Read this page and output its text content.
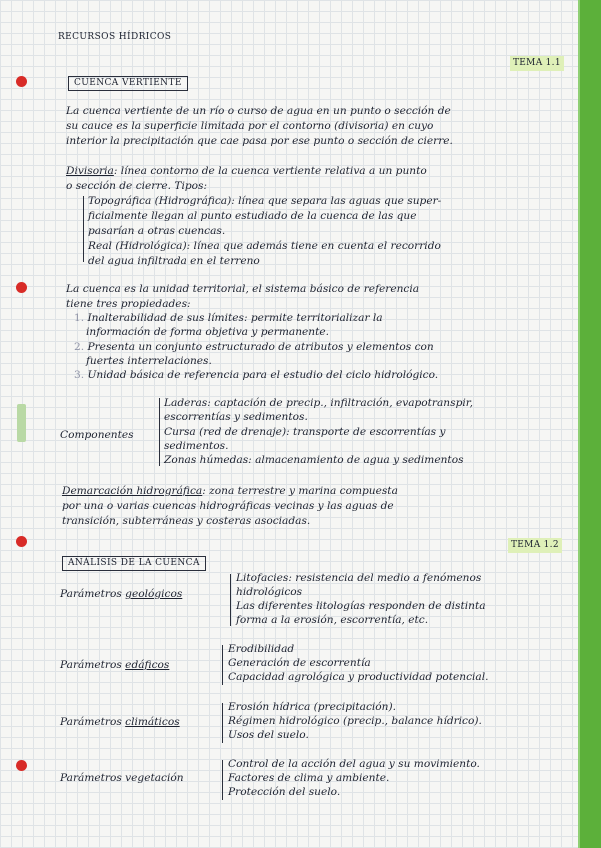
RECURSOS HÍDRICOS
TEMA 1.1
CUENCA VERTIENTE
La cuenca vertiente de un río o curso de agua en un punto o sección de
su cauce es la superficie limitada por el contorno (divisoria) en cuyo
interior la precipitación que cae pasa por ese punto o sección de cierre.
Divisoria: línea contorno de la cuenca vertiente relativa a un punto
o sección de cierre. Tipos:
Topográfica (Hidrográfica): línea que separa las aguas que super-
ficialmente llegan al punto estudiado de la cuenca de las que
pasarían a otras cuencas.
Real (Hidrológica): línea que además tiene en cuenta el recorrido
del agua infiltrada en el terreno
La cuenca es la unidad territorial, el sistema básico de referencia
tiene tres propiedades:
1. Inalterabilidad de sus límites: permite territorializar la
información de forma objetiva y permanente.
2. Presenta un conjunto estructurado de atributos y elementos con
fuertes interrelaciones.
3. Unidad básica de referencia para el estudio del ciclo hidrológico.
Componentes
Laderas: captación de precip., infiltración, evapotranspir,
escorrentías y sedimentos.
Cursa (red de drenaje): transporte de escorrentías y
sedimentos.
Zonas húmedas: almacenamiento de agua y sedimentos
Demarcación hidrográfica: zona terrestre y marina compuesta
por una o varias cuencas hidrográficas vecinas y las aguas de
transición, subterráneas y costeras asociadas.
TEMA 1.2
ANÁLISIS DE LA CUENCA
Parámetros geológicos
Litofacies: resistencia del medio a fenómenos
hidrológicos
Las diferentes litologías responden de distinta
forma a la erosión, escorrentía, etc.
Parámetros edáficos
Erodibilidad
Generación de escorrentía
Capacidad agrológica y productividad potencial.
Parámetros climáticos
Erosión hídrica (precipitación).
Régimen hidrológico (precip., balance hídrico).
Usos del suelo.
Parámetros vegetación
Control de la acción del agua y su movimiento.
Factores de clima y ambiente.
Protección del suelo.
